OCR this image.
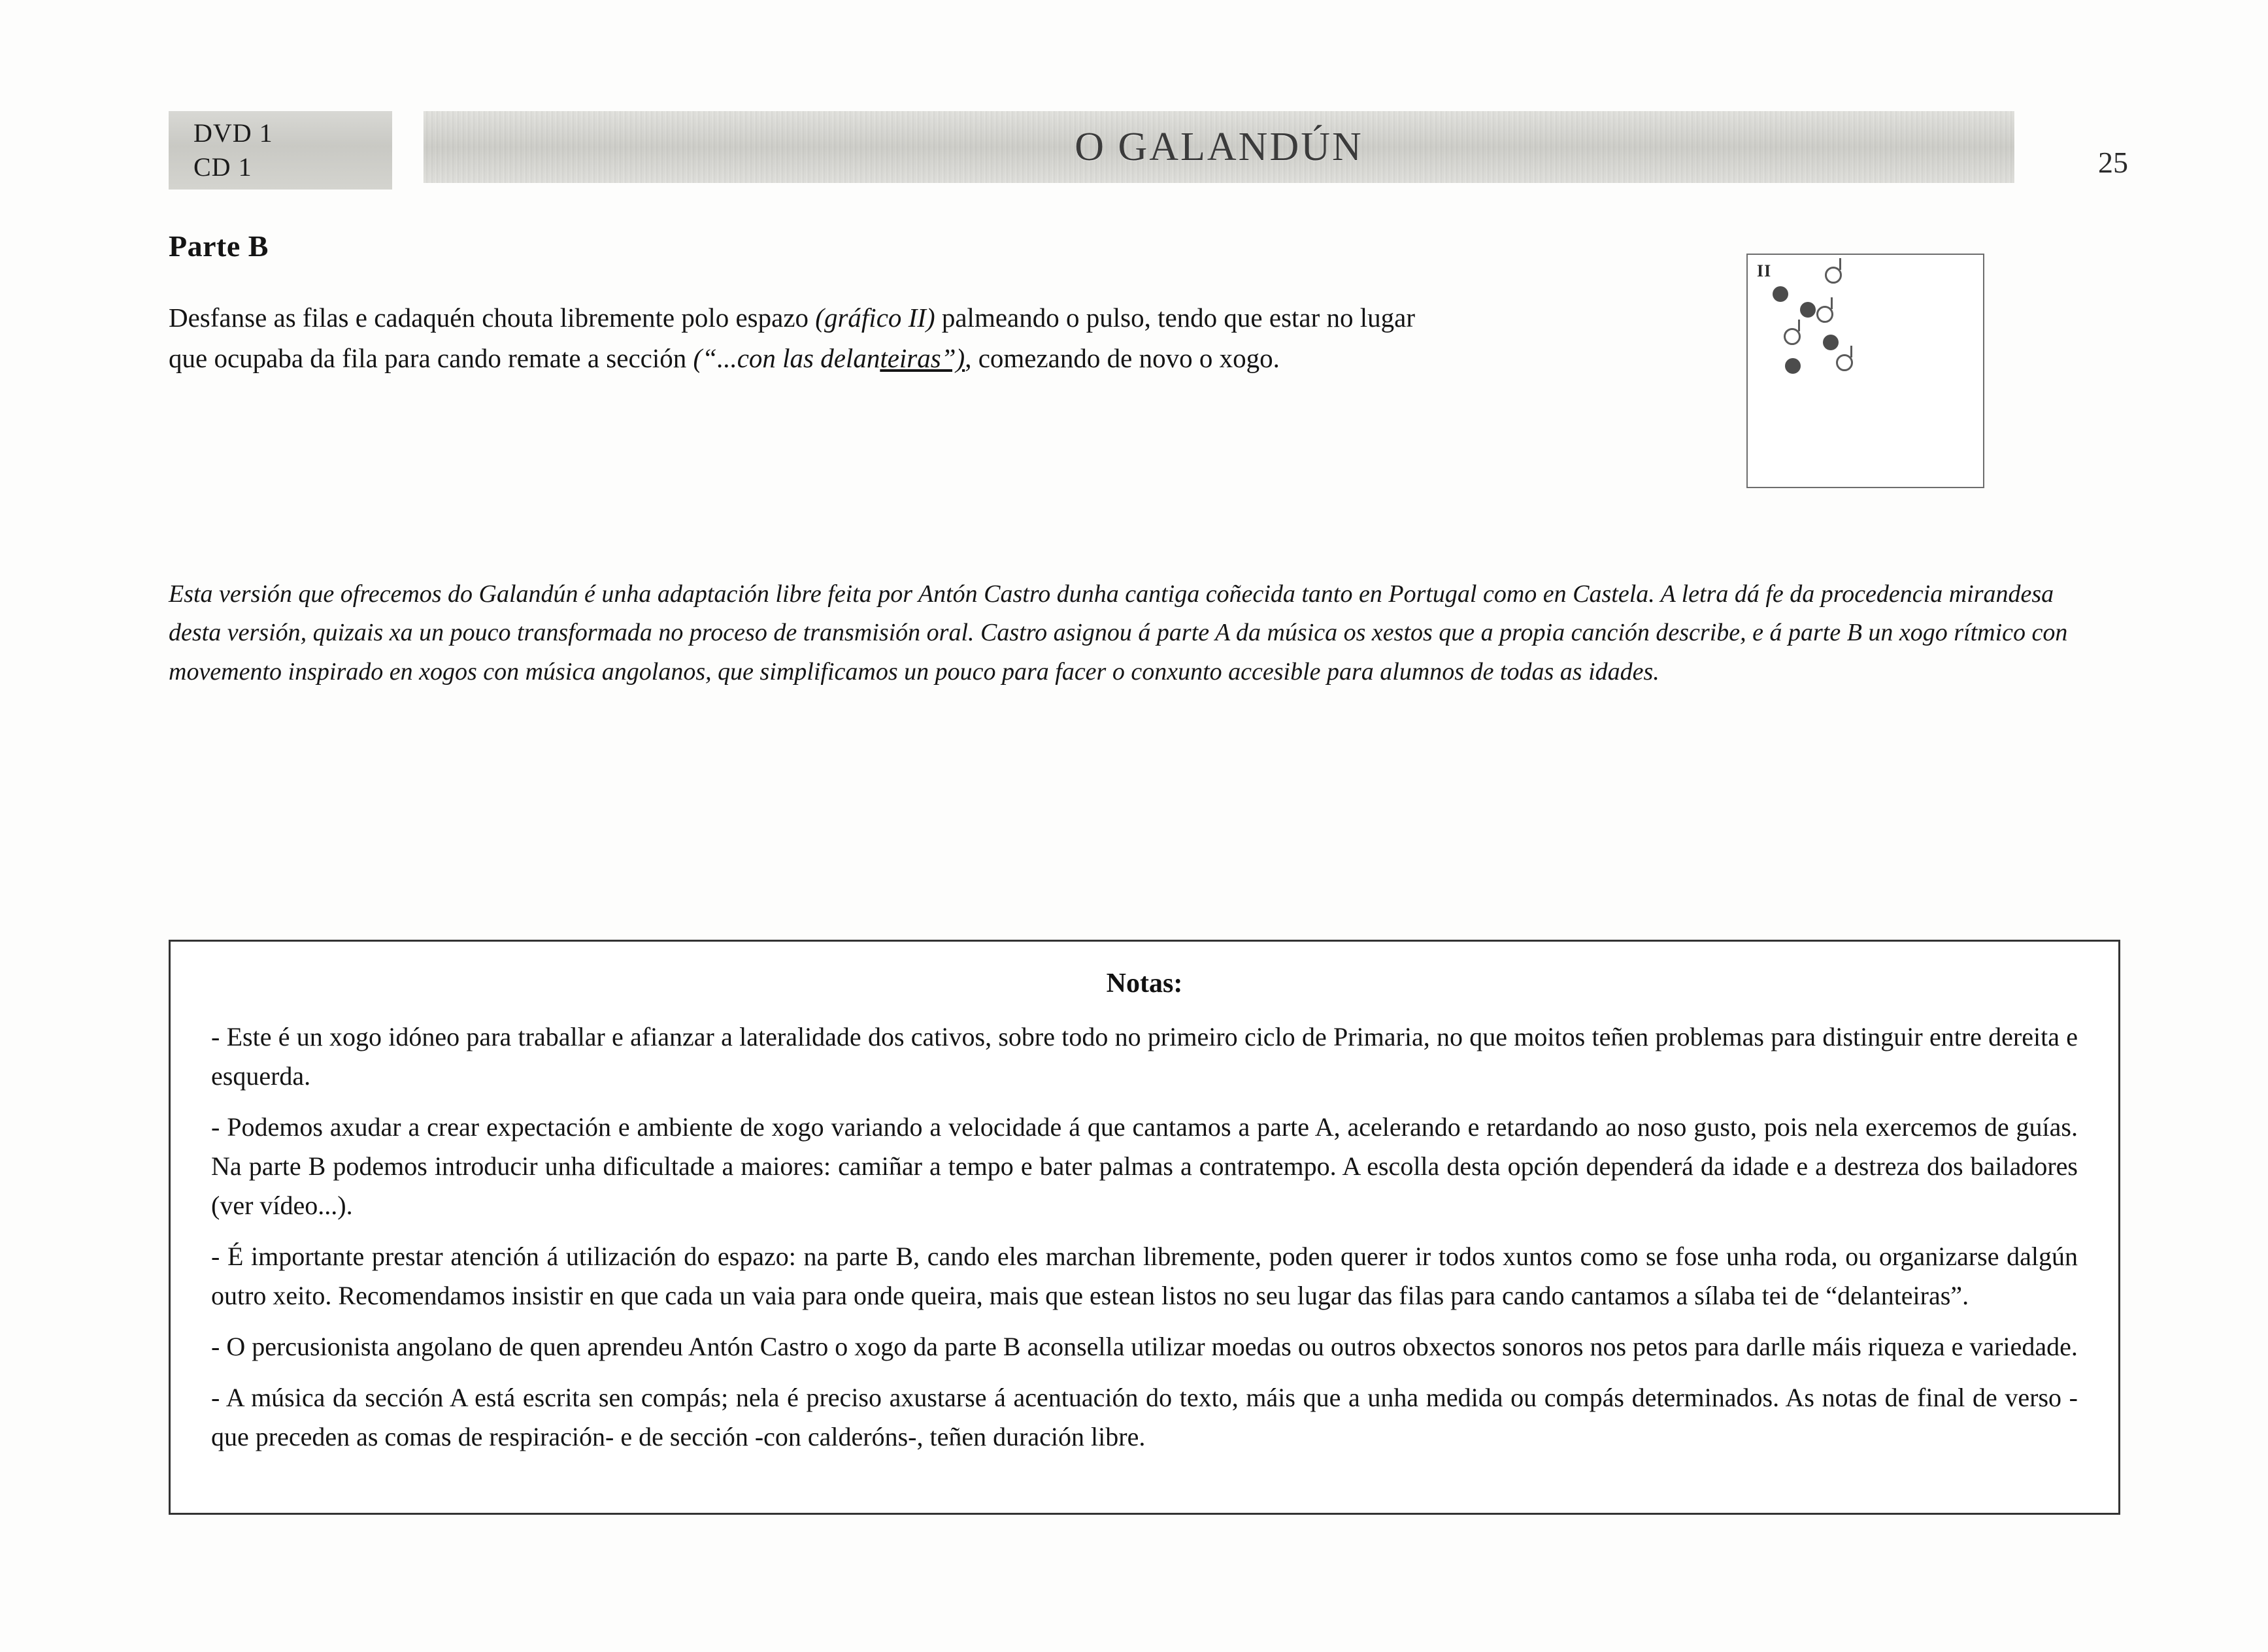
DVD 1
CD 1	O GALANDÚN	25
Parte B
Desfanse as filas e cadaquén chouta libremente polo espazo (gráfico II) palmeando o pulso, tendo que estar no lugar
que ocupaba da fila para cando remate a sección (“...con las delanteiras”), comezando de novo o xogo.
II
Esta versión que ofrecemos do Galandún é unha adaptación libre feita por Antón Castro dunha cantiga coñecida tanto en Portugal como en Castela. A letra dá fe da procedencia mirandesa desta versión, quizais xa un pouco transformada no proceso de transmisión oral. Castro asignou á parte A da música os xestos que a propia canción describe, e á parte B un xogo rítmico con movemento inspirado en xogos con música angolanos, que simplificamos un pouco para facer o conxunto accesible para alumnos de todas as idades.
Notas:
- Este é un xogo idóneo para traballar e afianzar a lateralidade dos cativos, sobre todo no primeiro ciclo de Primaria, no que moitos teñen problemas para distinguir entre dereita e esquerda.
- Podemos axudar a crear expectación e ambiente de xogo variando a velocidade á que cantamos a parte A, acelerando e retardando ao noso gusto, pois nela exercemos de guías. Na parte B podemos introducir unha dificultade a maiores: camiñar a tempo e bater palmas a contratempo. A escolla desta opción dependerá da idade e a destreza dos bailadores (ver vídeo...).
- É importante prestar atención á utilización do espazo: na parte B, cando eles marchan libremente, poden querer ir todos xuntos como se fose unha roda, ou organizarse dalgún outro xeito. Recomendamos insistir en que cada un vaia para onde queira, mais que estean listos no seu lugar das filas para cando cantamos a sílaba tei de “delanteiras”.
- O percusionista angolano de quen aprendeu Antón Castro o xogo da parte B aconsella utilizar moedas ou outros obxectos sonoros nos petos para darlle máis riqueza e variedade.
- A música da sección A está escrita sen compás; nela é preciso axustarse á acentuación do texto, máis que a unha medida ou compás determinados. As notas de final de verso -que preceden as comas de respiración- e de sección -con calderóns-, teñen duración libre.
